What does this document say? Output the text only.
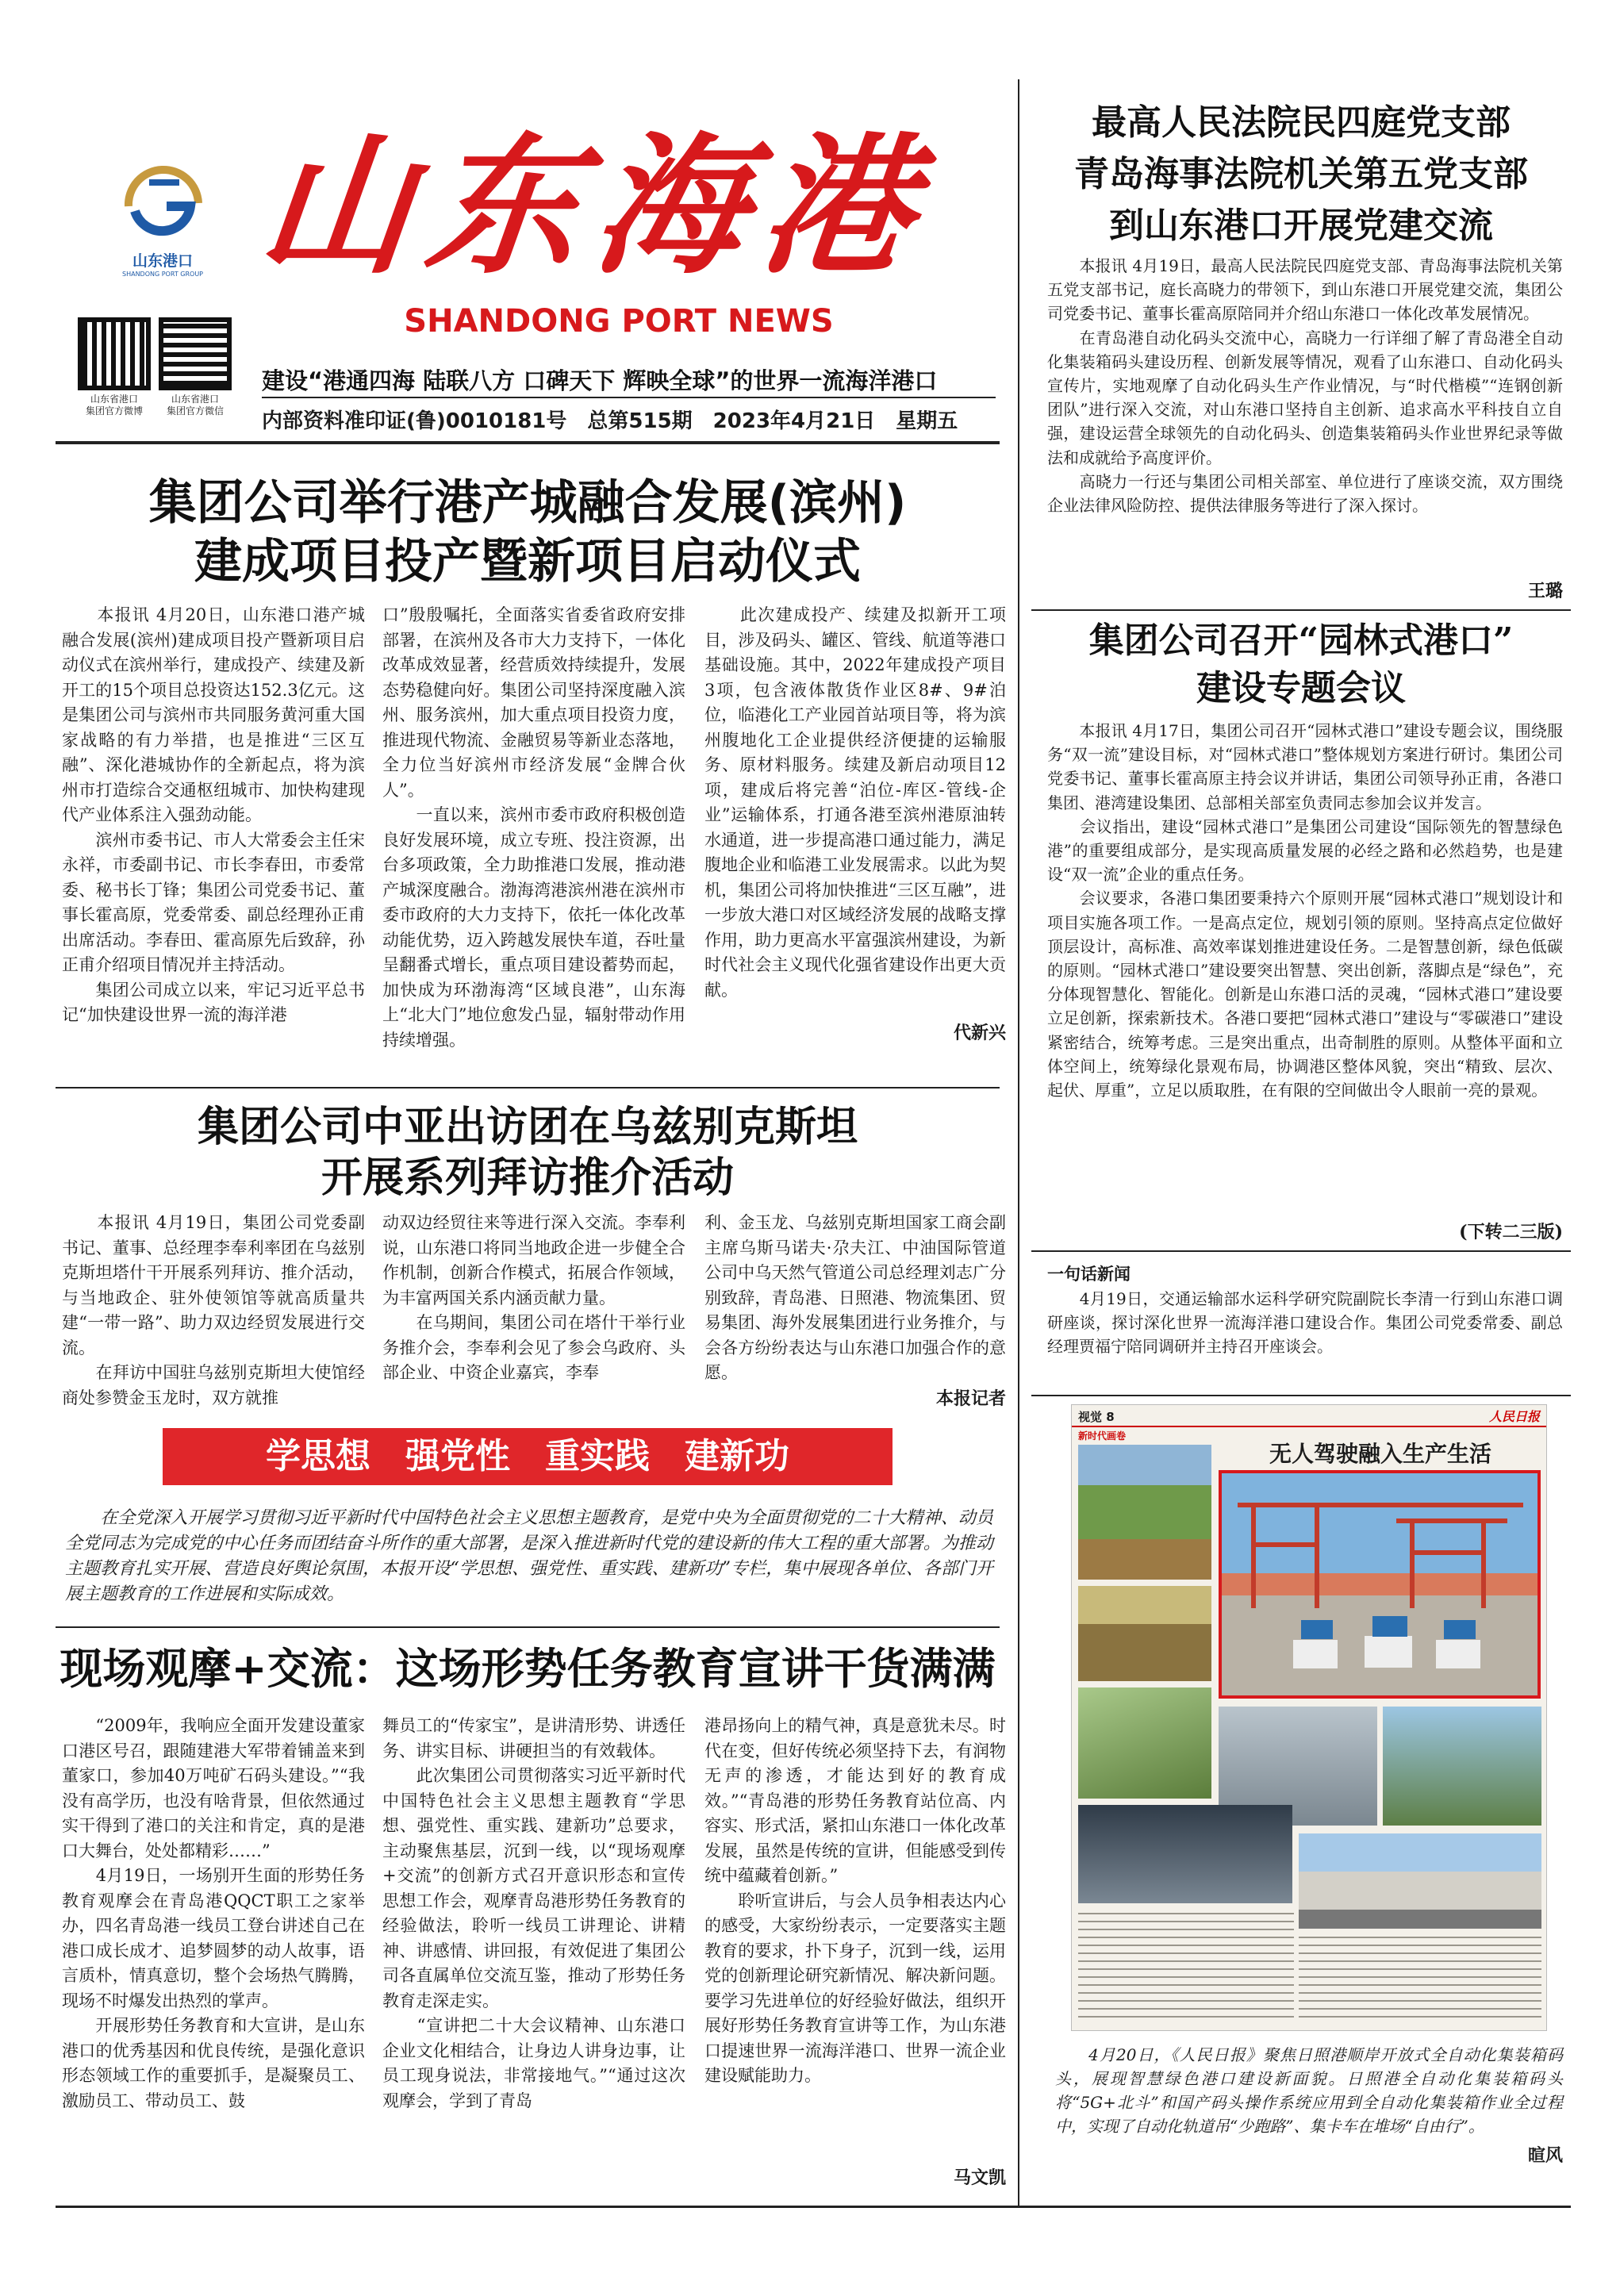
山东港口
SHANDONG PORT GROUP 山东海港
SHANDONG PORT NEWS
山东省港口
集团官方微博
山东省港口
集团官方微信
建设“港通四海 陆联八方 口碑天下 辉映全球”的世界一流海洋港口
内部资料准印证(鲁)0010181号　总第515期　2023年4月21日　星期五
集团公司举行港产城融合发展(滨州)
建成项目投产暨新项目启动仪式
　　本报讯 4月20日，山东港口港产城融合发展(滨州)建成项目投产暨新项目启动仪式在滨州举行，建成投产、续建及新开工的15个项目总投资达152.3亿元。这是集团公司与滨州市共同服务黄河重大国家战略的有力举措，也是推进“三区互融”、深化港城协作的全新起点，将为滨州市打造综合交通枢纽城市、加快构建现代产业体系注入强劲动能。
　　滨州市委书记、市人大常委会主任宋永祥，市委副书记、市长李春田，市委常委、秘书长丁锋；集团公司党委书记、董事长霍高原，党委常委、副总经理孙正甫出席活动。李春田、霍高原先后致辞，孙正甫介绍项目情况并主持活动。
　　集团公司成立以来，牢记习近平总书记“加快建设世界一流的海洋港
口”殷殷嘱托，全面落实省委省政府安排部署，在滨州及各市大力支持下，一体化改革成效显著，经营质效持续提升，发展态势稳健向好。集团公司坚持深度融入滨州、服务滨州，加大重点项目投资力度，推进现代物流、金融贸易等新业态落地，全力位当好滨州市经济发展“金牌合伙人”。
　　一直以来，滨州市委市政府积极创造良好发展环境，成立专班、投注资源，出台多项政策，全力助推港口发展，推动港产城深度融合。渤海湾港滨州港在滨州市委市政府的大力支持下，依托一体化改革动能优势，迈入跨越发展快车道，吞吐量呈翻番式增长，重点项目建设蓄势而起，加快成为环渤海湾“区域良港”，山东海上“北大门”地位愈发凸显，辐射带动作用持续增强。
　　此次建成投产、续建及拟新开工项目，涉及码头、罐区、管线、航道等港口基础设施。其中，2022年建成投产项目3项，包含液体散货作业区8#、9#泊位，临港化工产业园首站项目等，将为滨州腹地化工企业提供经济便捷的运输服务、原材料服务。续建及新启动项目12项，建成后将完善“泊位-库区-管线-企业”运输体系，打通各港至滨州港原油转水通道，进一步提高港口通过能力，满足腹地企业和临港工业发展需求。以此为契机，集团公司将加快推进“三区互融”，进一步放大港口对区域经济发展的战略支撑作用，助力更高水平富强滨州建设，为新时代社会主义现代化强省建设作出更大贡献。
代新兴
集团公司中亚出访团在乌兹别克斯坦
开展系列拜访推介活动
　　本报讯 4月19日，集团公司党委副书记、董事、总经理李奉利率团在乌兹别克斯坦塔什干开展系列拜访、推介活动，与当地政企、驻外使领馆等就高质量共建“一带一路”、助力双边经贸发展进行交流。
　　在拜访中国驻乌兹别克斯坦大使馆经商处参赞金玉龙时，双方就推
动双边经贸往来等进行深入交流。李奉利说，山东港口将同当地政企进一步健全合作机制，创新合作模式，拓展合作领域，为丰富两国关系内涵贡献力量。
　　在乌期间，集团公司在塔什干举行业务推介会，李奉利会见了参会乌政府、头部企业、中资企业嘉宾，李奉
利、金玉龙、乌兹别克斯坦国家工商会副主席乌斯马诺夫·尕夫江、中油国际管道公司中乌天然气管道公司总经理刘志广分别致辞，青岛港、日照港、物流集团、贸易集团、海外发展集团进行业务推介，与会各方纷纷表达与山东港口加强合作的意愿。
本报记者
学思想　强党性　重实践　建新功
　　在全党深入开展学习贯彻习近平新时代中国特色社会主义思想主题教育，是党中央为全面贯彻党的二十大精神、动员全党同志为完成党的中心任务而团结奋斗所作的重大部署，是深入推进新时代党的建设新的伟大工程的重大部署。为推动主题教育扎实开展、营造良好舆论氛围，本报开设“学思想、强党性、重实践、建新功”专栏，集中展现各单位、各部门开展主题教育的工作进展和实际成效。
现场观摩+交流：这场形势任务教育宣讲干货满满
　　“2009年，我响应全面开发建设董家口港区号召，跟随建港大军带着铺盖来到董家口，参加40万吨矿石码头建设。”“我没有高学历，也没有啥背景，但依然通过实干得到了港口的关注和肯定，真的是港口大舞台，处处都精彩……”
　　4月19日，一场别开生面的形势任务教育观摩会在青岛港QQCT职工之家举办，四名青岛港一线员工登台讲述自己在港口成长成才、追梦圆梦的动人故事，语言质朴，情真意切，整个会场热气腾腾，现场不时爆发出热烈的掌声。
　　开展形势任务教育和大宣讲，是山东港口的优秀基因和优良传统，是强化意识形态领域工作的重要抓手，是凝聚员工、激励员工、带动员工、鼓
舞员工的“传家宝”，是讲清形势、讲透任务、讲实目标、讲硬担当的有效载体。
　　此次集团公司贯彻落实习近平新时代中国特色社会主义思想主题教育“学思想、强党性、重实践、建新功”总要求，主动聚焦基层，沉到一线，以“现场观摩+交流”的创新方式召开意识形态和宣传思想工作会，观摩青岛港形势任务教育的经验做法，聆听一线员工讲理论、讲精神、讲感情、讲回报，有效促进了集团公司各直属单位交流互鉴，推动了形势任务教育走深走实。
　　“宣讲把二十大会议精神、山东港口企业文化相结合，让身边人讲身边事，让员工现身说法，非常接地气。”“通过这次观摩会，学到了青岛
港昂扬向上的精气神，真是意犹未尽。时代在变，但好传统必须坚持下去，有润物无声的渗透，才能达到好的教育成效。”“青岛港的形势任务教育站位高、内容实、形式活，紧扣山东港口一体化改革发展，虽然是传统的宣讲，但能感受到传统中蕴藏着创新。”
　　聆听宣讲后，与会人员争相表达内心的感受，大家纷纷表示，一定要落实主题教育的要求，扑下身子，沉到一线，运用党的创新理论研究新情况、解决新问题。要学习先进单位的好经验好做法，组织开展好形势任务教育宣讲等工作，为山东港口提速世界一流海洋港口、世界一流企业建设赋能助力。
马文凯
最高人民法院民四庭党支部
青岛海事法院机关第五党支部
到山东港口开展党建交流
　　本报讯 4月19日，最高人民法院民四庭党支部、青岛海事法院机关第五党支部书记，庭长高晓力的带领下，到山东港口开展党建交流，集团公司党委书记、董事长霍高原陪同并介绍山东港口一体化改革发展情况。
　　在青岛港自动化码头交流中心，高晓力一行详细了解了青岛港全自动化集装箱码头建设历程、创新发展等情况，观看了山东港口、自动化码头宣传片，实地观摩了自动化码头生产作业情况，与“时代楷模”“连钢创新团队”进行深入交流，对山东港口坚持自主创新、追求高水平科技自立自强，建设运营全球领先的自动化码头、创造集装箱码头作业世界纪录等做法和成就给予高度评价。
　　高晓力一行还与集团公司相关部室、单位进行了座谈交流，双方围绕企业法律风险防控、提供法律服务等进行了深入探讨。
王璐
集团公司召开“园林式港口”
建设专题会议
　　本报讯 4月17日，集团公司召开“园林式港口”建设专题会议，围绕服务“双一流”建设目标，对“园林式港口”整体规划方案进行研讨。集团公司党委书记、董事长霍高原主持会议并讲话，集团公司领导孙正甫，各港口集团、港湾建设集团、总部相关部室负责同志参加会议并发言。
　　会议指出，建设“园林式港口”是集团公司建设“国际领先的智慧绿色港”的重要组成部分，是实现高质量发展的必经之路和必然趋势，也是建设“双一流”企业的重点任务。
　　会议要求，各港口集团要秉持六个原则开展“园林式港口”规划设计和项目实施各项工作。一是高点定位，规划引领的原则。坚持高点定位做好顶层设计，高标准、高效率谋划推进建设任务。二是智慧创新，绿色低碳的原则。“园林式港口”建设要突出智慧、突出创新，落脚点是“绿色”，充分体现智慧化、智能化。创新是山东港口活的灵魂，“园林式港口”建设要立足创新，探索新技术。各港口要把“园林式港口”建设与“零碳港口”建设紧密结合，统筹考虑。三是突出重点，出奇制胜的原则。从整体平面和立体空间上，统筹绿化景观布局，协调港区整体风貌，突出“精致、层次、起伏、厚重”，立足以质取胜，在有限的空间做出令人眼前一亮的景观。
(下转二三版)
一句话新闻
　　4月19日，交通运输部水运科学研究院副院长李清一行到山东港口调研座谈，探讨深化世界一流海洋港口建设合作。集团公司党委常委、副总经理贾福宁陪同调研并主持召开座谈会。
视觉 8	人民日报
新时代画卷
无人驾驶融入生产生活
　　4月20日，《人民日报》聚焦日照港顺岸开放式全自动化集装箱码头，展现智慧绿色港口建设新面貌。日照港全自动化集装箱码头将“5G+北斗”和国产码头操作系统应用到全自动化集装箱作业全过程中，实现了自动化轨道吊“少跑路”、集卡车在堆场“自由行”。
暄风
